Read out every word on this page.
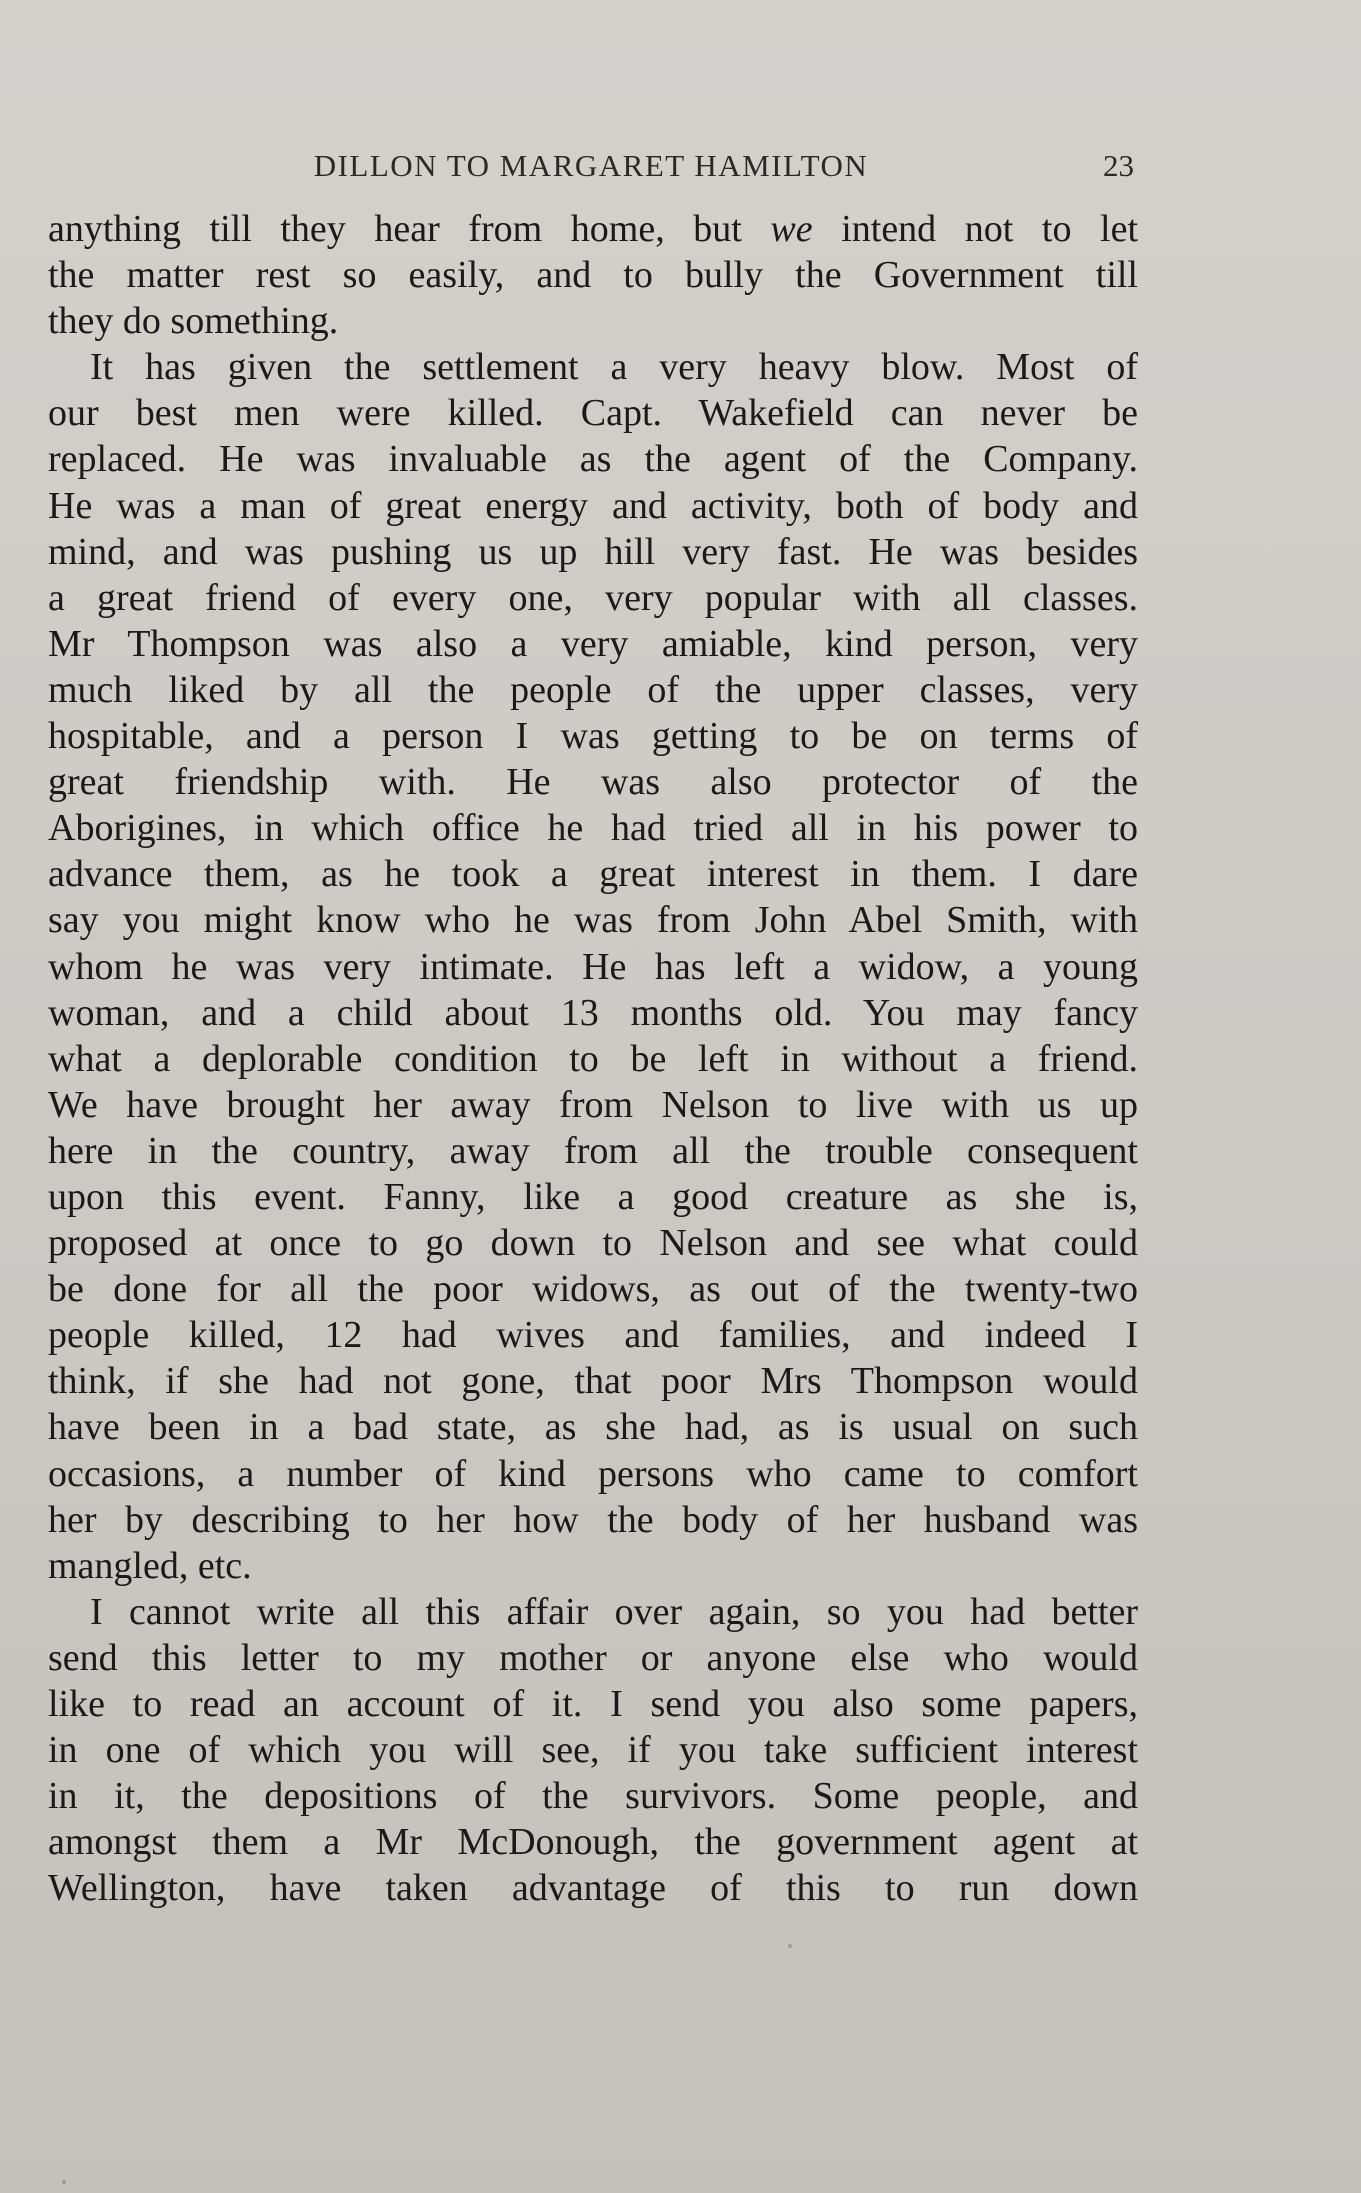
DILLON TO MARGARET HAMILTON	23
anything till they hear from home, but we intend not to let
the matter rest so easily, and to bully the Government till
they do something.
It has given the settlement a very heavy blow. Most of
our best men were killed. Capt. Wakefield can never be
replaced. He was invaluable as the agent of the Company.
He was a man of great energy and activity, both of body and
mind, and was pushing us up hill very fast. He was besides
a great friend of every one, very popular with all classes.
Mr Thompson was also a very amiable, kind person, very
much liked by all the people of the upper classes, very
hospitable, and a person I was getting to be on terms of
great friendship with. He was also protector of the
Aborigines, in which office he had tried all in his power to
advance them, as he took a great interest in them. I dare
say you might know who he was from John Abel Smith, with
whom he was very intimate. He has left a widow, a young
woman, and a child about 13 months old. You may fancy
what a deplorable condition to be left in without a friend.
We have brought her away from Nelson to live with us up
here in the country, away from all the trouble consequent
upon this event. Fanny, like a good creature as she is,
proposed at once to go down to Nelson and see what could
be done for all the poor widows, as out of the twenty-two
people killed, 12 had wives and families, and indeed I
think, if she had not gone, that poor Mrs Thompson would
have been in a bad state, as she had, as is usual on such
occasions, a number of kind persons who came to comfort
her by describing to her how the body of her husband was
mangled, etc.
I cannot write all this affair over again, so you had better
send this letter to my mother or anyone else who would
like to read an account of it. I send you also some papers,
in one of which you will see, if you take sufficient interest
in it, the depositions of the survivors. Some people, and
amongst them a Mr McDonough, the government agent at
Wellington, have taken advantage of this to run down
